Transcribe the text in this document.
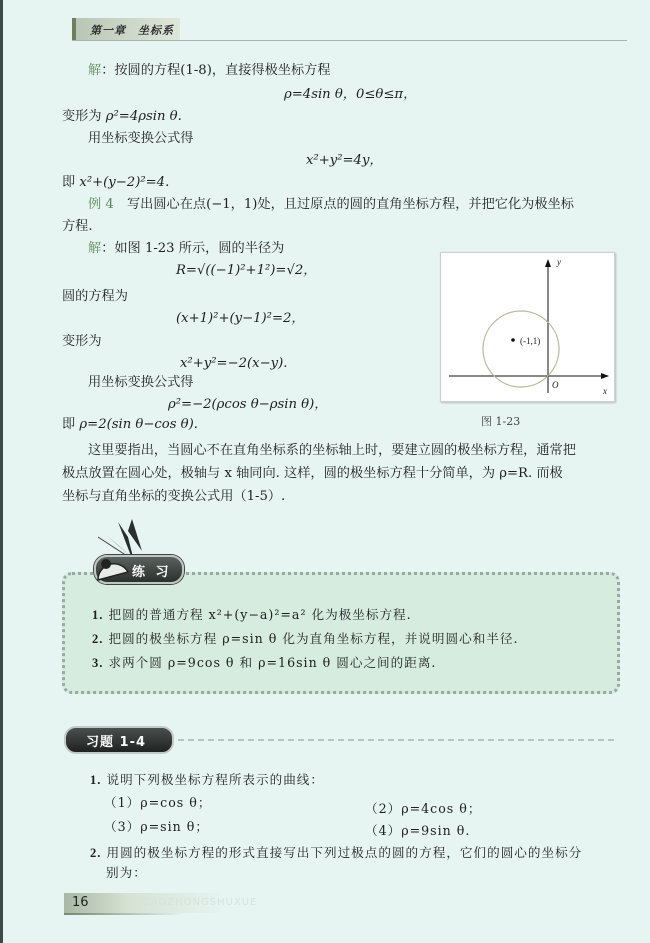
第一章　坐标系
解：按圆的方程(1-8)，直接得极坐标方程
ρ=4sin θ，0≤θ≤π，
变形为 ρ²=4ρsin θ.
用坐标变换公式得
x²+y²=4y，
即 x²+(y−2)²=4.
例 4　 写出圆心在点(−1，1)处，且过原点的圆的直角坐标方程，并把它化为极坐标
方程.
解：如图 1-23 所示，圆的半径为
R=√((−1)²+1²)=√2，
圆的方程为
(x+1)²+(y−1)²=2，
变形为
x²+y²=−2(x−y).
用坐标变换公式得
ρ²=−2(ρcos θ−ρsin θ)，
即 ρ=2(sin θ−cos θ).
(-1,1)
O
x
y
图 1-23
这里要指出，当圆心不在直角坐标系的坐标轴上时，要建立圆的极坐标方程，通常把
极点放置在圆心处，极轴与 x 轴同向. 这样，圆的极坐标方程十分简单，为 ρ=R. 而极
坐标与直角坐标的变换公式用（1-5）.
练 习
1. 把圆的普通方程 x²+(y−a)²=a² 化为极坐标方程.
2. 把圆的极坐标方程 ρ=sin θ 化为直角坐标方程，并说明圆心和半径.
3. 求两个圆 ρ=9cos θ 和 ρ=16sin θ 圆心之间的距离.
习题 1-4
1. 说明下列极坐标方程所表示的曲线：
（1）ρ=cos θ；	（2）ρ=4cos θ；
（3）ρ=sin θ；	（4）ρ=9sin θ.
2. 用圆的极坐标方程的形式直接写出下列过极点的圆的方程，它们的圆心的坐标分
别为：
16	GAOZHONGSHUXUE
